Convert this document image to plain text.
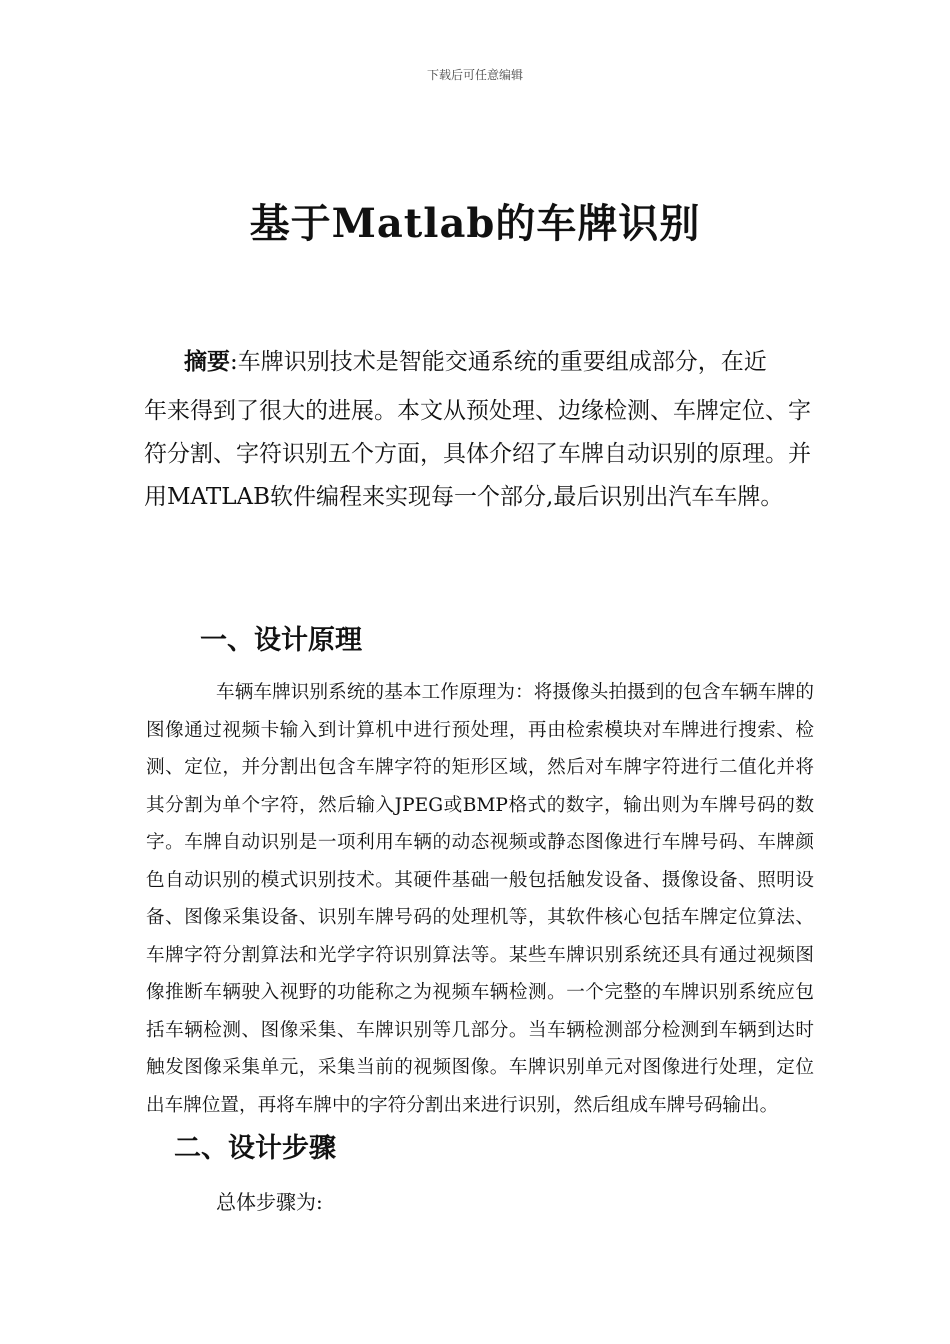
下载后可任意编辑
基于Matlab的车牌识别
摘要:车牌识别技术是智能交通系统的重要组成部分，在近
年来得到了很大的进展。本文从预处理、边缘检测、车牌定位、字符分割、字符识别五个方面，具体介绍了车牌自动识别的原理。并用MATLAB软件编程来实现每一个部分,最后识别出汽车车牌。
一、设计原理

车辆车牌识别系统的基本工作原理为：将摄像头拍摄到的包含车辆车牌的图像通过视频卡输入到计算机中进行预处理，再由检索模块对车牌进行搜索、检测、定位，并分割出包含车牌字符的矩形区域，然后对车牌字符进行二值化并将其分割为单个字符，然后输入JPEG或BMP格式的数字，输出则为车牌号码的数字。车牌自动识别是一项利用车辆的动态视频或静态图像进行车牌号码、车牌颜色自动识别的模式识别技术。其硬件基础一般包括触发设备、摄像设备、照明设备、图像采集设备、识别车牌号码的处理机等，其软件核心包括车牌定位算法、车牌字符分割算法和光学字符识别算法等。某些车牌识别系统还具有通过视频图像推断车辆驶入视野的功能称之为视频车辆检测。一个完整的车牌识别系统应包括车辆检测、图像采集、车牌识别等几部分。当车辆检测部分检测到车辆到达时触发图像采集单元，采集当前的视频图像。车牌识别单元对图像进行处理，定位出车牌位置，再将车牌中的字符分割出来进行识别，然后组成车牌号码输出。

二、设计步骤

总体步骤为:
